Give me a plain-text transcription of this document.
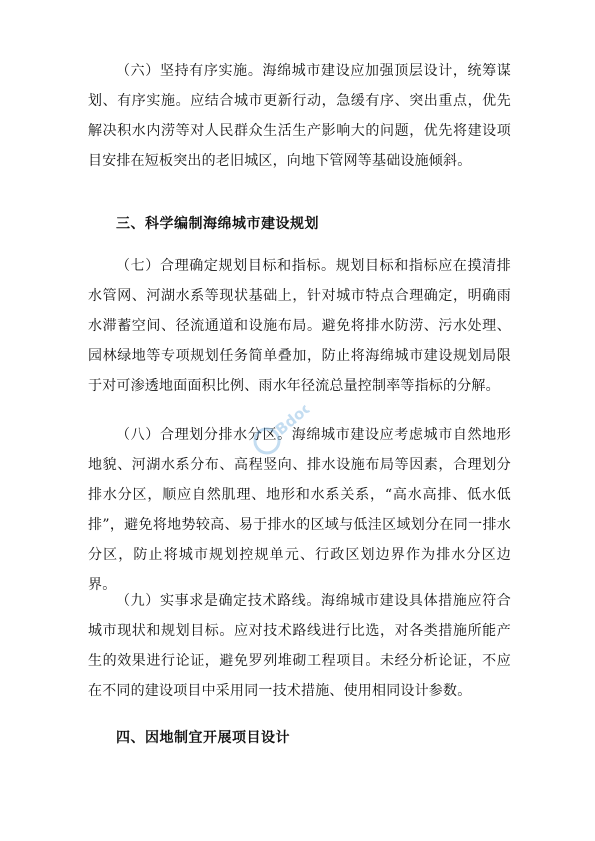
（六）坚持有序实施。海绵城市建设应加强顶层设计，统筹谋划、有序实施。应结合城市更新行动，急缓有序、突出重点，优先解决积水内涝等对人民群众生活生产影响大的问题，优先将建设项目安排在短板突出的老旧城区，向地下管网等基础设施倾斜。

三、科学编制海绵城市建设规划

（七）合理确定规划目标和指标。规划目标和指标应在摸清排水管网、河湖水系等现状基础上，针对城市特点合理确定，明确雨水滞蓄空间、径流通道和设施布局。避免将排水防涝、污水处理、园林绿地等专项规划任务简单叠加，防止将海绵城市建设规划局限于对可渗透地面面积比例、雨水年径流总量控制率等指标的分解。

（八）合理划分排水分区。海绵城市建设应考虑城市自然地形地貌、河湖水系分布、高程竖向、排水设施布局等因素，合理划分排水分区，顺应自然肌理、地形和水系关系，“高水高排、低水低排”，避免将地势较高、易于排水的区域与低洼区域划分在同一排水分区，防止将城市规划控规单元、行政区划边界作为排水分区边界。

（九）实事求是确定技术路线。海绵城市建设具体措施应符合城市现状和规划目标。应对技术路线进行比选，对各类措施所能产生的效果进行论证，避免罗列堆砌工程项目。未经分析论证，不应在不同的建设项目中采用同一技术措施、使用相同设计参数。

四、因地制宜开展项目设计

Bdocx
